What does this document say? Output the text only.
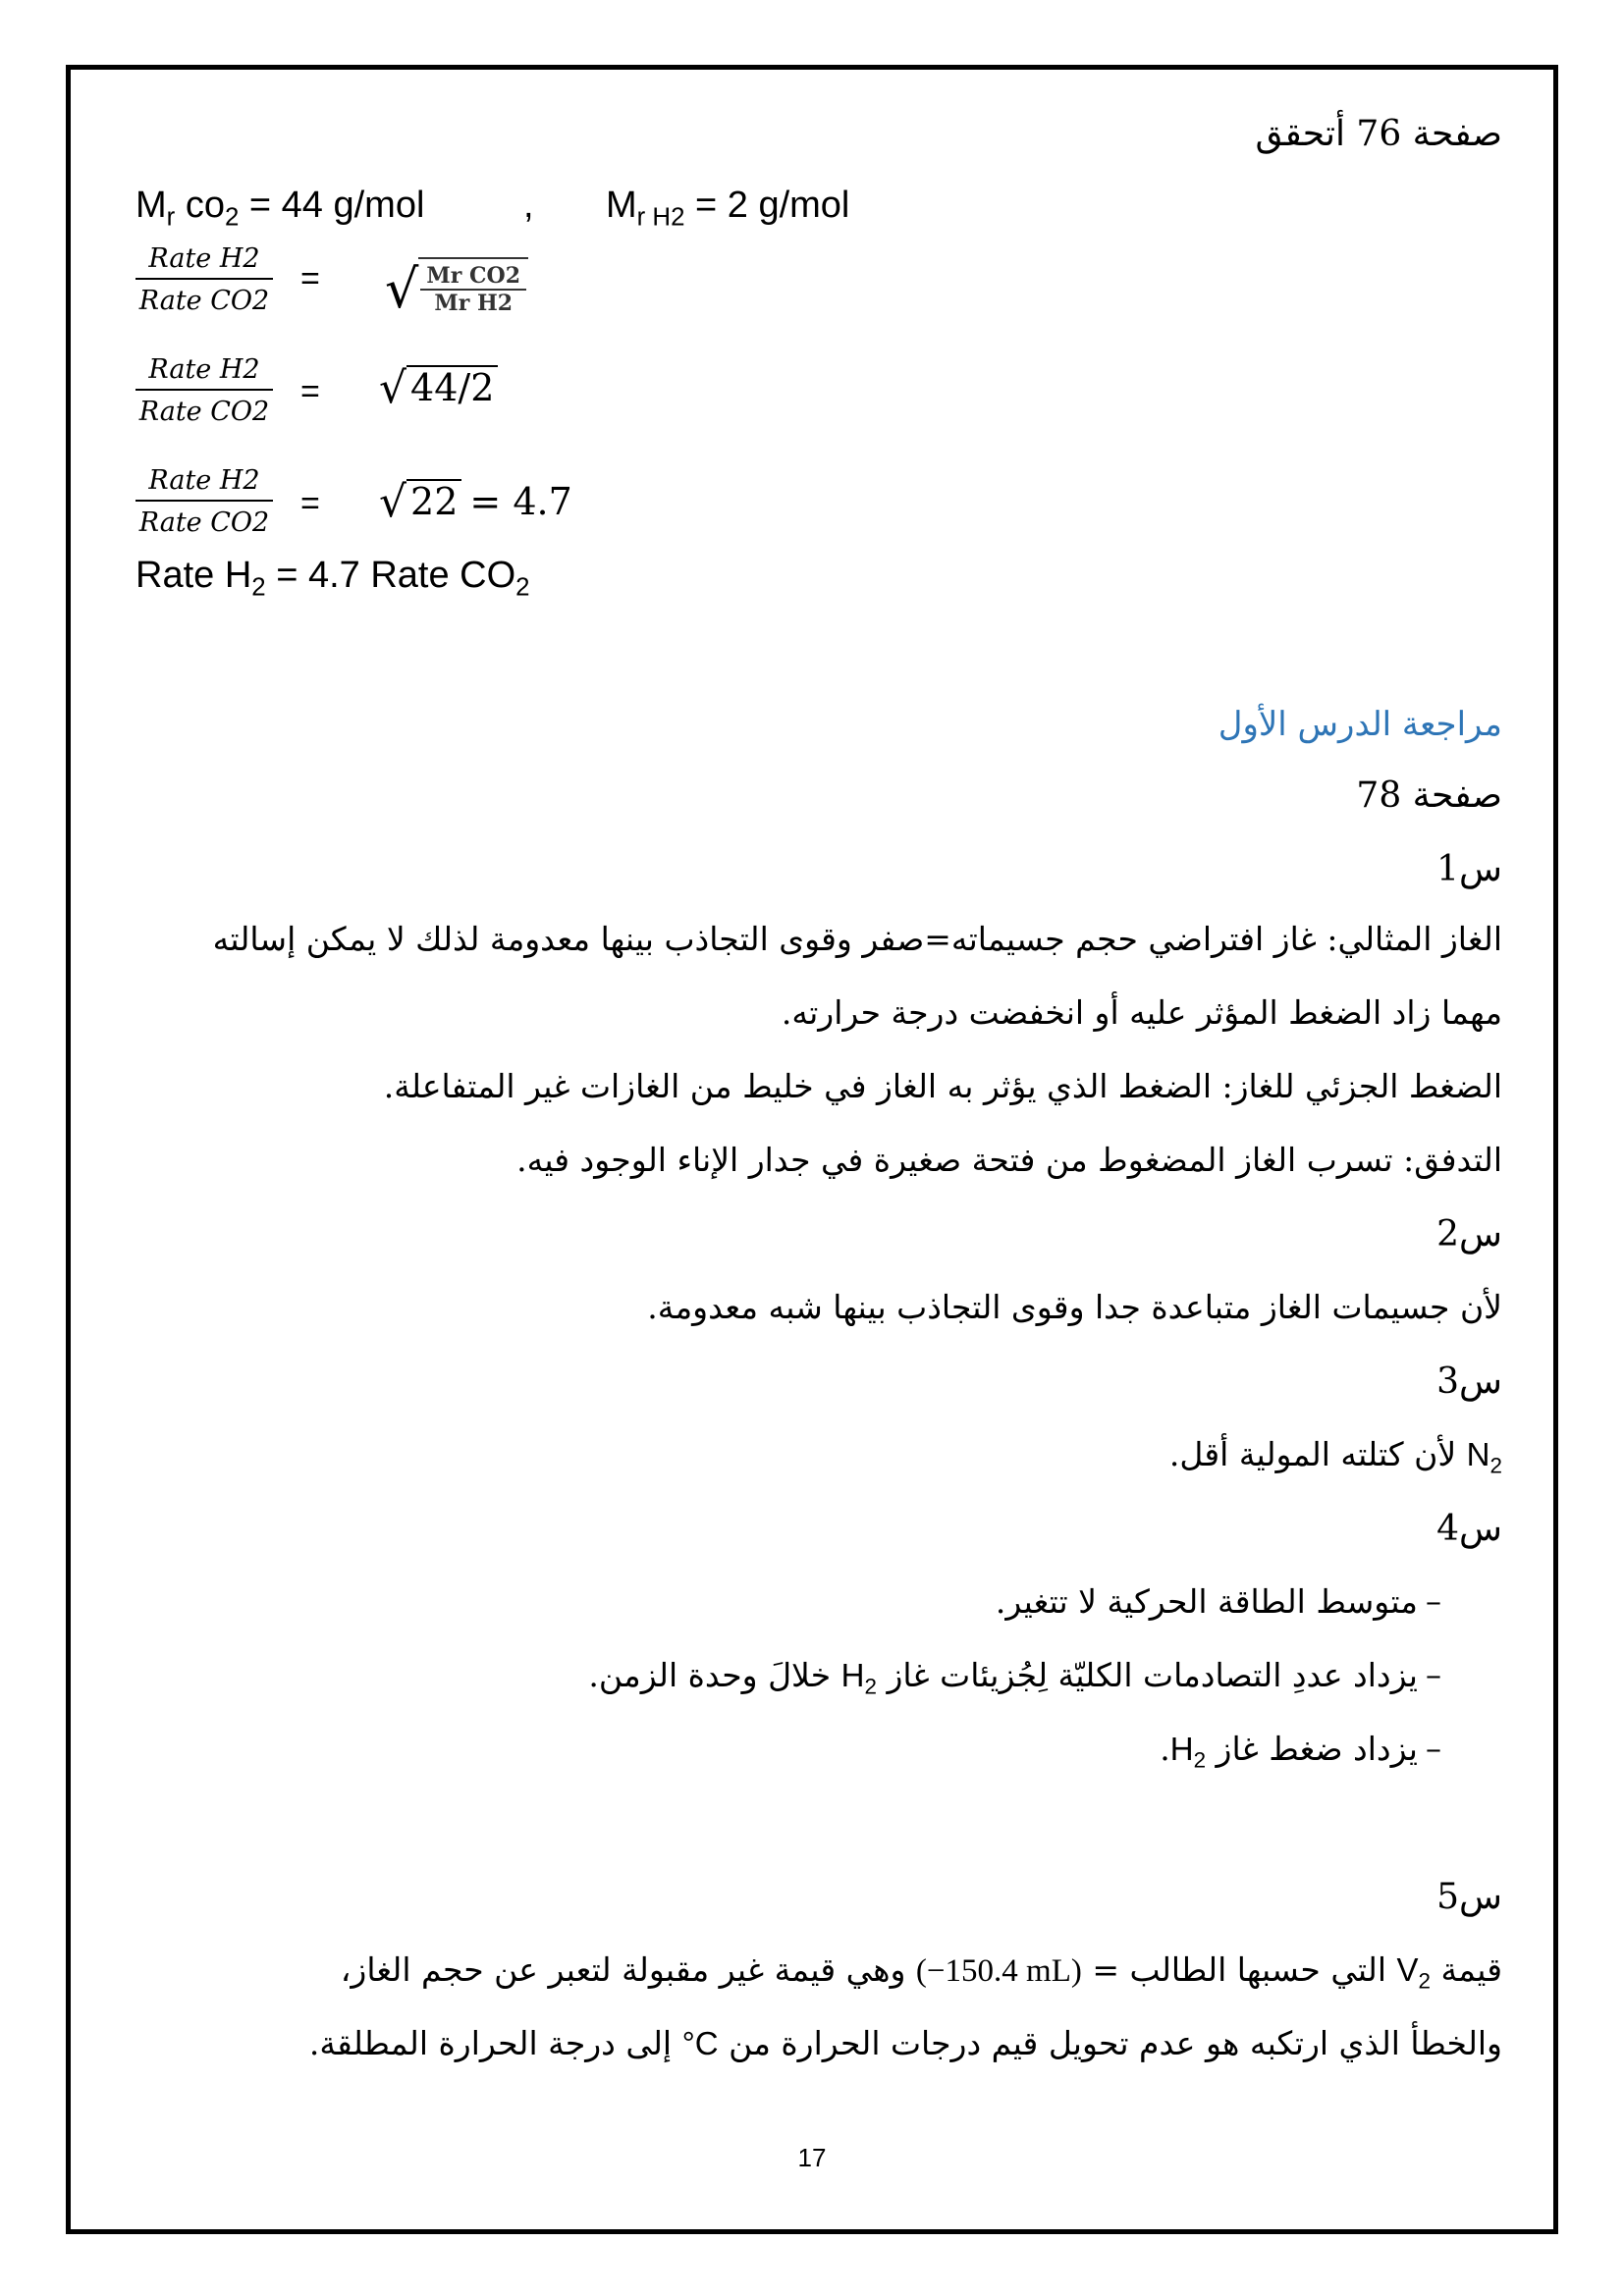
صفحة 76 أتحقق
$M_r$ $co_2 = 44$ g/mol	, $M_{r H2} = 2$ g/mol
Rate H2
Rate CO2
= √ $\frac{\text{Mr CO2}}{\text{Mr H2}}$
Rate H2
Rate CO2
= √ 44/2
Rate H2
Rate CO2
= √ 22 = 4.7
Rate $H_2 = 4.7$ Rate $CO_2$
مراجعة الدرس الأول
صفحة 78
س1
الغاز المثالي: غاز افتراضي حجم جسيماته=صفر وقوى التجاذب بينها معدومة لذلك لا يمكن إسالته
مهما زاد الضغط المؤثر عليه أو انخفضت درجة حرارته.
الضغط الجزئي للغاز: الضغط الذي يؤثر به الغاز في خليط من الغازات غير المتفاعلة.
التدفق: تسرب الغاز المضغوط من فتحة صغيرة في جدار الإناء الوجود فيه.
س2
لأن جسيمات الغاز متباعدة جدا وقوى التجاذب بينها شبه معدومة.
س3
$N_2$ لأن كتلته المولية أقل.
س4
متوسط الطاقة الحركية لا تتغير. –
يزداد عددِ التصادمات الكليّة لِجُزيئات غاز $H_2$ خلالَ وحدة الزمن.	–
يزداد ضغط غاز $H_2$.	–
س5
قيمة $V_2$ التي حسبها الطالب = (−150.4 mL) وهي قيمة غير مقبولة لتعبر عن حجم الغاز،
والخطأ الذي ارتكبه هو عدم تحويل قيم درجات الحرارة من °C إلى درجة الحرارة المطلقة.
17
